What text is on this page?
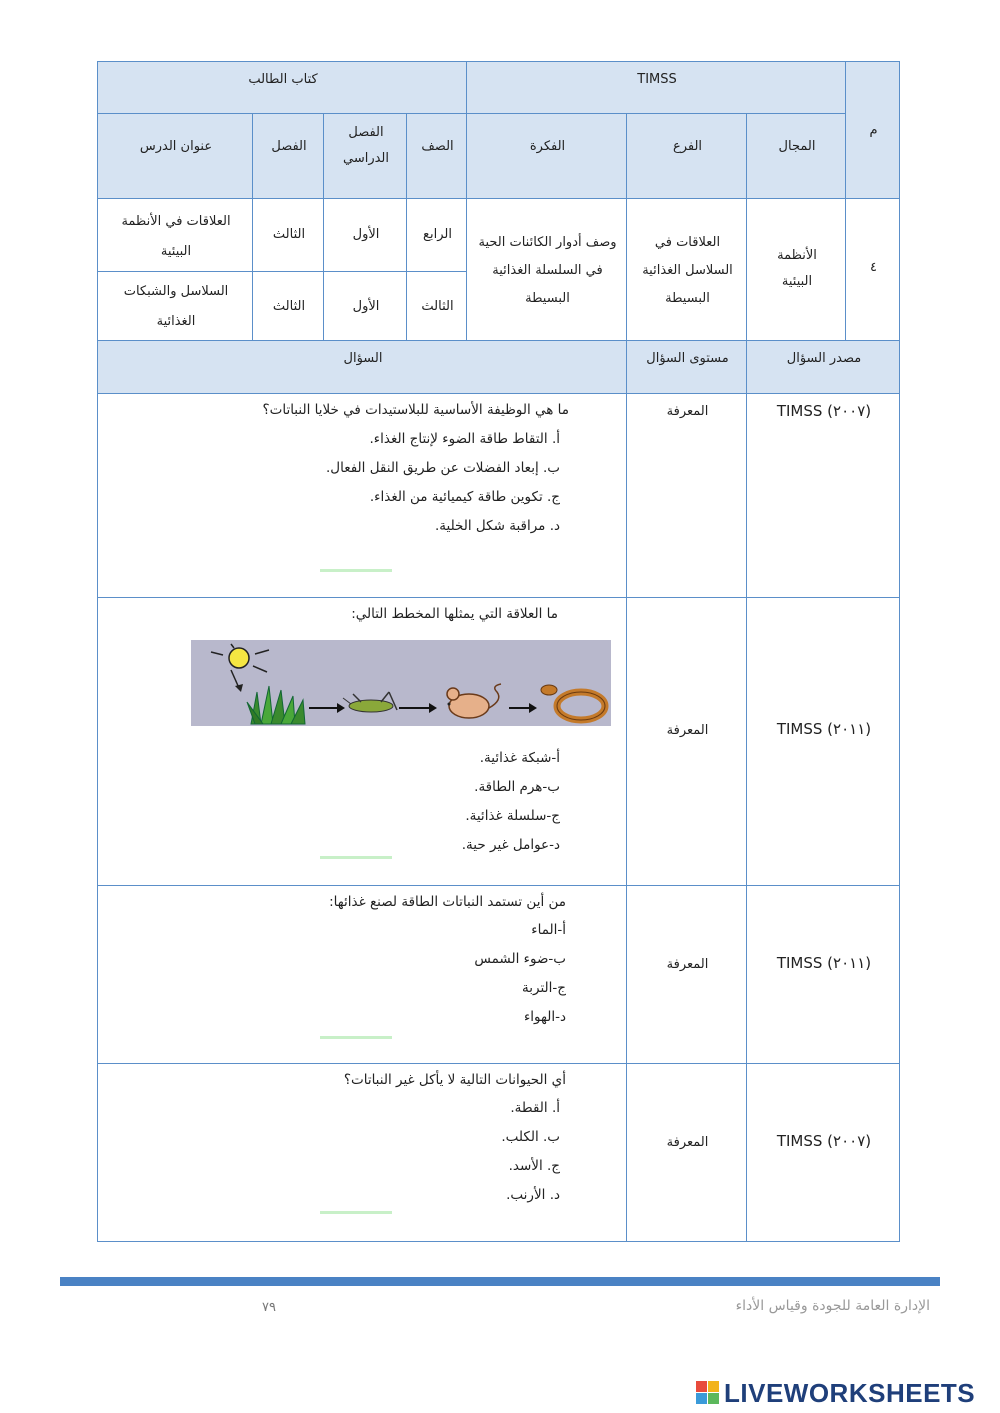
م
TIMSS
كتاب الطالب
المجال
الفرع
الفكرة
الصف
الفصل الدراسي
الفصل
عنوان الدرس
٤
الأنظمة البيئية
العلاقات في السلاسل الغذائية البسيطة
وصف أدوار الكائنات الحية في السلسلة الغذائية البسيطة
الرابع
الأول
الثالث
العلاقات في الأنظمة البيئية
الثالث
الأول
الثالث
السلاسل والشبكات الغذائية
مصدر السؤال
مستوى السؤال
السؤال
TIMSS (٢٠٠٧)
المعرفة
ما هي الوظيفة الأساسية للبلاستيدات في خلايا النباتات؟
أ. التقاط طاقة الضوء لإنتاج الغذاء.
ب. إبعاد الفضلات عن طريق النقل الفعال.
ج. تكوين طاقة كيميائية من الغذاء.
د. مراقبة شكل الخلية.
TIMSS (٢٠١١)
المعرفة
ما العلاقة التي يمثلها المخطط التالي:
أ-شبكة غذائية.
ب-هرم الطاقة.
ج-سلسلة غذائية.
د-عوامل غير حية.
TIMSS (٢٠١١)
المعرفة
من أين تستمد النباتات الطاقة لصنع غذائها:
أ-الماء
ب-ضوء الشمس
ج-التربة
د-الهواء
TIMSS (٢٠٠٧)
المعرفة
أي الحيوانات التالية لا يأكل غير النباتات؟
أ. القطة.
ب. الكلب.
ج. الأسد.
د. الأرنب.
٧٩	الإدارة العامة للجودة وقياس الأداء
LIVEWORKSHEETS
